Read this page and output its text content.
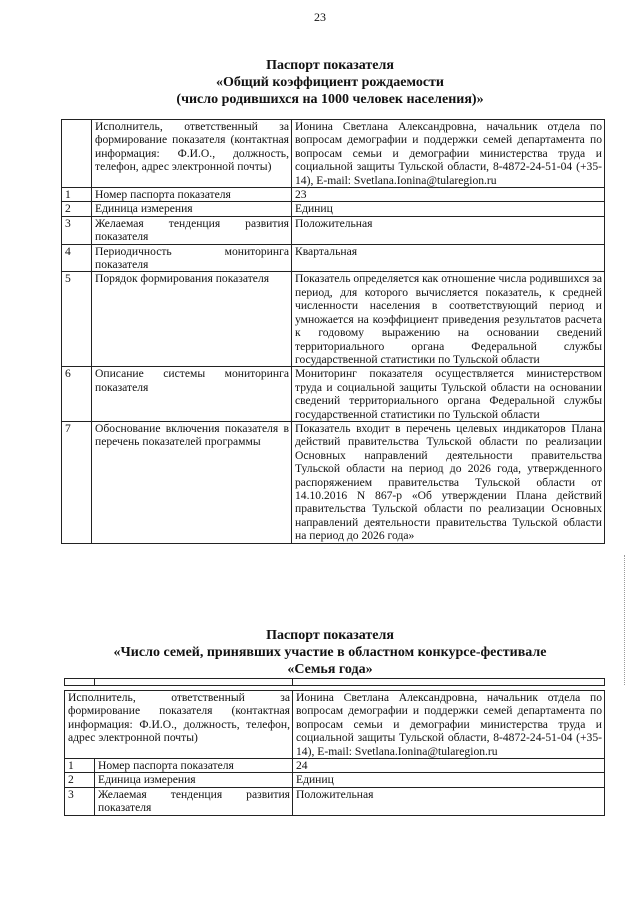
23
Паспорт показателя
«Общий коэффициент рождаемости
(число родившихся на 1000 человек населения)»
	Исполнитель, ответственный за формирование показателя (контактная информация: Ф.И.О., должность, телефон, адрес электронной почты)	Ионина Светлана Александровна, начальник отдела по вопросам демографии и поддержки семей департамента по вопросам семьи и демографии министерства труда и социальной защиты Тульской области, 8-4872-24-51-04 (+35-14), E-mail: Svetlana.Ionina@tularegion.ru
1	Номер паспорта показателя	23
2	Единица измерения	Единиц
3	Желаемая тенденция развития показателя	Положительная
4	Периодичность мониторинга показателя	Квартальная
5	Порядок формирования показателя	Показатель определяется как отношение числа родившихся за период, для которого вычисляется показатель, к средней численности населения в соответствующий период и умножается на коэффициент приведения результатов расчета к годовому выражению на основании сведений территориального органа Федеральной службы государственной статистики по Тульской области
6	Описание системы мониторинга показателя	Мониторинг показателя осуществляется министерством труда и социальной защиты Тульской области на основании сведений территориального органа Федеральной службы государственной статистики по Тульской области
7	Обоснование включения показателя в перечень показателей программы	Показатель входит в перечень целевых индикаторов Плана действий правительства Тульской области по реализации Основных направлений деятельности правительства Тульской области на период до 2026 года, утвержденного распоряжением правительства Тульской области от 14.10.2016 N 867-р «Об утверждении Плана действий правительства Тульской области по реализации Основных направлений деятельности правительства Тульской области на период до 2026 года»
Паспорт показателя
«Число семей, принявших участие в областном конкурсе-фестивале
«Семья года»

Исполнитель, ответственный за формирование показателя (контактная информация: Ф.И.О., должность, телефон, адрес электронной почты)		Ионина Светлана Александровна, начальник отдела по вопросам демографии и поддержки семей департамента по вопросам семьи и демографии министерства труда и социальной защиты Тульской области, 8-4872-24-51-04 (+35-14), E-mail: Svetlana.Ionina@tularegion.ru
1	Номер паспорта показателя	24
2	Единица измерения	Единиц
3	Желаемая тенденция развития показателя	Положительная
